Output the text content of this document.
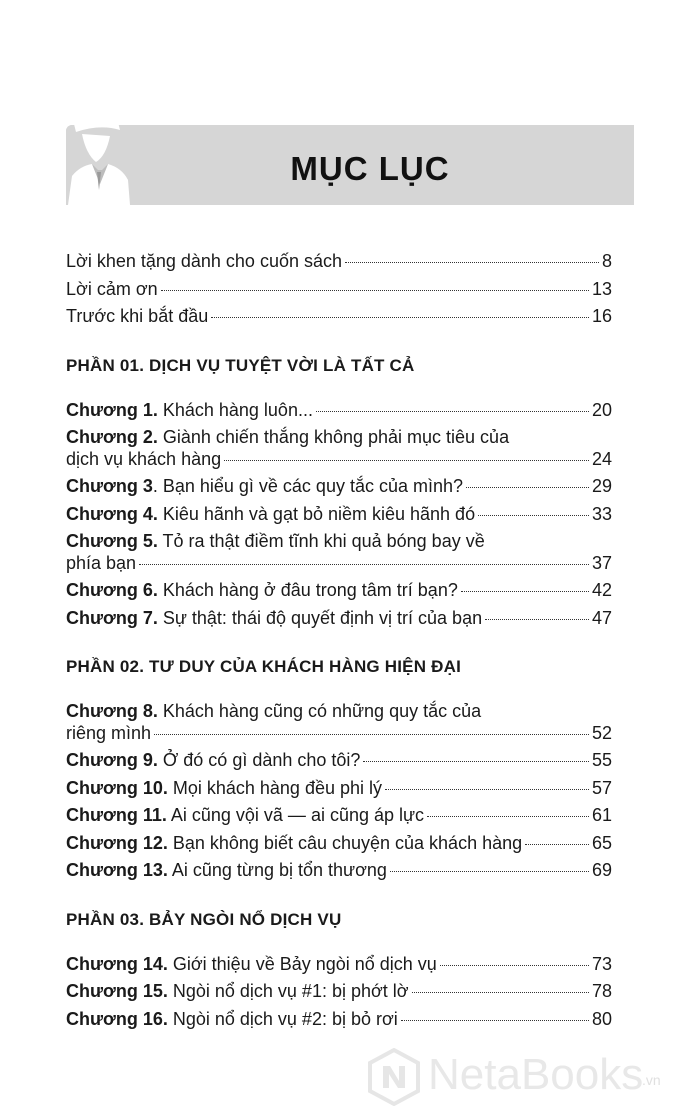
MỤC LỤC
Lời khen tặng dành cho cuốn sách	8
Lời cảm ơn	13
Trước khi bắt đầu	16
PHẦN 01. DỊCH VỤ TUYỆT VỜI LÀ TẤT CẢ
Chương 1. Khách hàng luôn...	20
Chương 2. Giành chiến thắng không phải mục tiêu của
dịch vụ khách hàng	24
Chương 3. Bạn hiểu gì về các quy tắc của mình?	29
Chương 4. Kiêu hãnh và gạt bỏ niềm kiêu hãnh đó	33
Chương 5. Tỏ ra thật điềm tĩnh khi quả bóng bay về
phía bạn	37
Chương 6. Khách hàng ở đâu trong tâm trí bạn?	42
Chương 7. Sự thật: thái độ quyết định vị trí của bạn	47
PHẦN 02. TƯ DUY CỦA KHÁCH HÀNG HIỆN ĐẠI
Chương 8. Khách hàng cũng có những quy tắc của
riêng mình	52
Chương 9. Ở đó có gì dành cho tôi?	55
Chương 10. Mọi khách hàng đều phi lý	57
Chương 11. Ai cũng vội vã — ai cũng áp lực	61
Chương 12. Bạn không biết câu chuyện của khách hàng	65
Chương 13. Ai cũng từng bị tổn thương	69
PHẦN 03. BẢY NGÒI NỔ DỊCH VỤ
Chương 14. Giới thiệu về Bảy ngòi nổ dịch vụ	73
Chương 15. Ngòi nổ dịch vụ #1: bị phớt lờ	78
Chương 16. Ngòi nổ dịch vụ #2: bị bỏ rơi	80
NetaBooks
.vn
